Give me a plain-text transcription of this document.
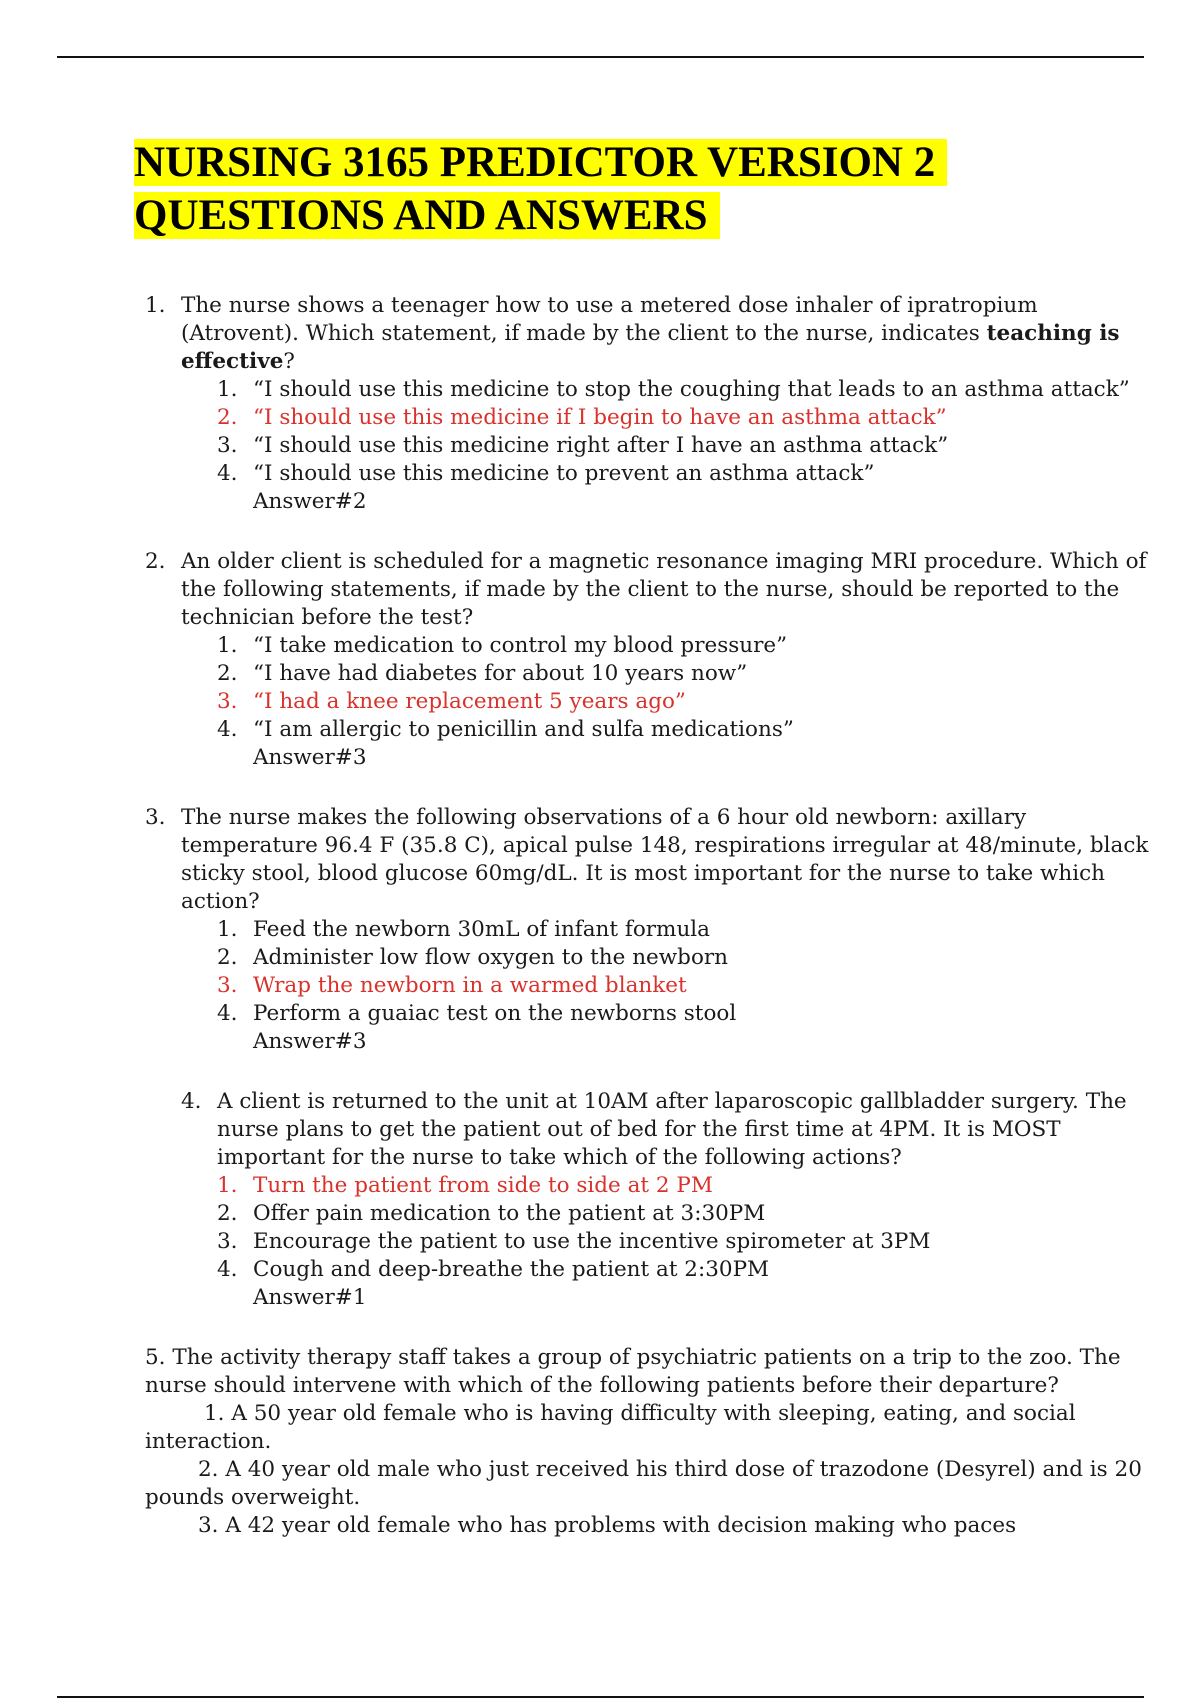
NURSING 3165 PREDICTOR VERSION 2
QUESTIONS AND ANSWERS
1. The nurse shows a teenager how to use a metered dose inhaler of ipratropium
(Atrovent). Which statement, if made by the client to the nurse, indicates teaching is
effective?
1. “I should use this medicine to stop the coughing that leads to an asthma attack”
2. “I should use this medicine if I begin to have an asthma attack”
3. “I should use this medicine right after I have an asthma attack”
4. “I should use this medicine to prevent an asthma attack”
Answer#2
2. An older client is scheduled for a magnetic resonance imaging MRI procedure. Which of
the following statements, if made by the client to the nurse, should be reported to the
technician before the test?
1. “I take medication to control my blood pressure”
2. “I have had diabetes for about 10 years now”
3. “I had a knee replacement 5 years ago”
4. “I am allergic to penicillin and sulfa medications”
Answer#3
3. The nurse makes the following observations of a 6 hour old newborn: axillary
temperature 96.4 F (35.8 C), apical pulse 148, respirations irregular at 48/minute, black
sticky stool, blood glucose 60mg/dL. It is most important for the nurse to take which
action?
1. Feed the newborn 30mL of infant formula
2. Administer low flow oxygen to the newborn
3. Wrap the newborn in a warmed blanket
4. Perform a guaiac test on the newborns stool
Answer#3
4. A client is returned to the unit at 10AM after laparoscopic gallbladder surgery. The
nurse plans to get the patient out of bed for the first time at 4PM. It is MOST
important for the nurse to take which of the following actions?
1. Turn the patient from side to side at 2 PM
2. Offer pain medication to the patient at 3:30PM
3. Encourage the patient to use the incentive spirometer at 3PM
4. Cough and deep-breathe the patient at 2:30PM
Answer#1
5. The activity therapy staff takes a group of psychiatric patients on a trip to the zoo. The
nurse should intervene with which of the following patients before their departure?
1. A 50 year old female who is having difficulty with sleeping, eating, and social
interaction.
2. A 40 year old male who just received his third dose of trazodone (Desyrel) and is 20
pounds overweight.
3. A 42 year old female who has problems with decision making who paces
